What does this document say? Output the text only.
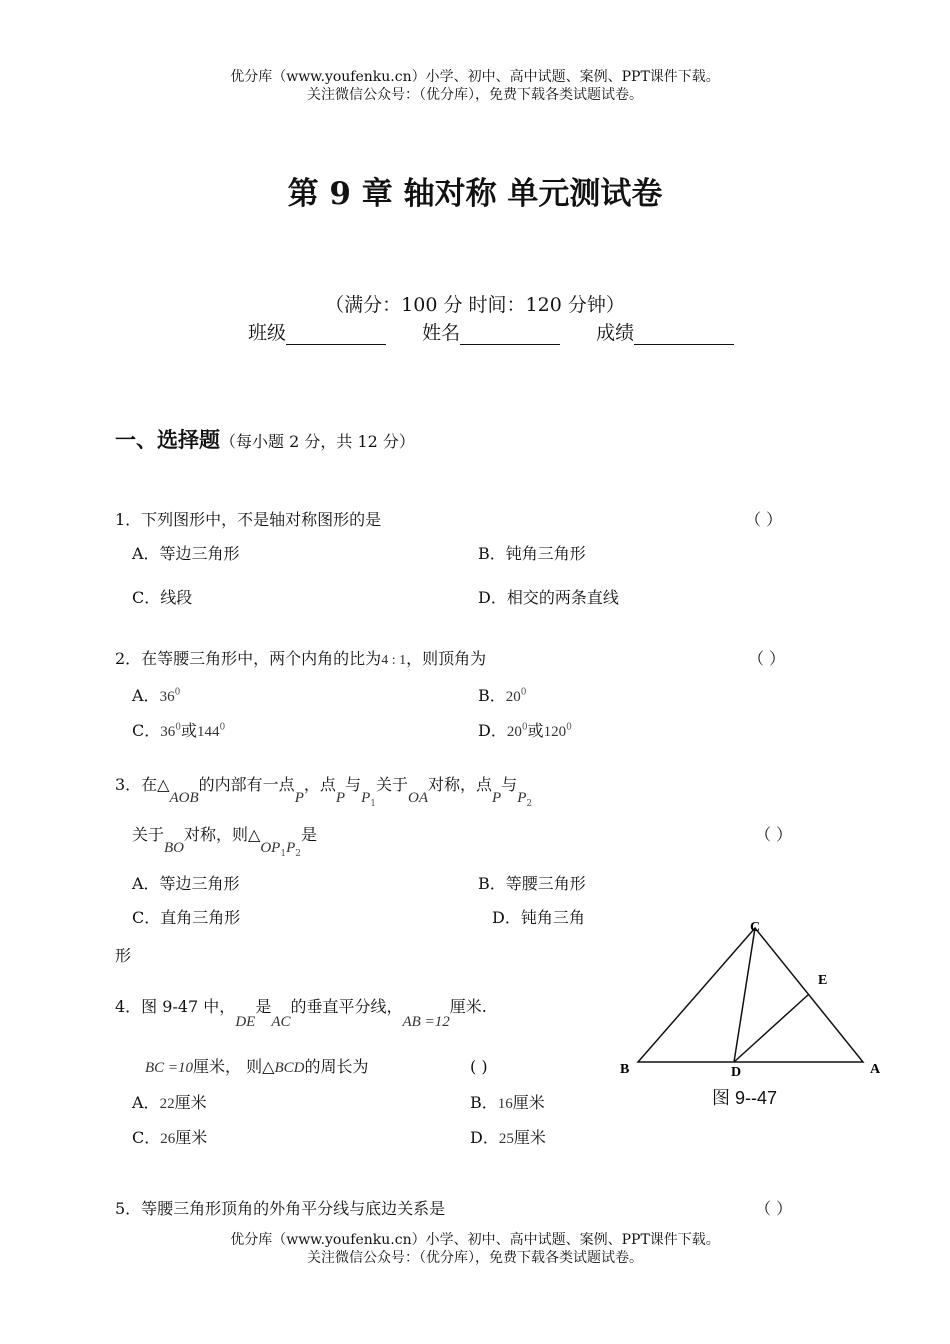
优分库（www.youfenku.cn）小学、初中、高中试题、案例、PPT课件下载。
关注微信公众号：（优分库），免费下载各类试题试卷。
第 9 章 轴对称 单元测试卷
（满分：100 分 时间：120 分钟）
班级	姓名	成绩
一、选择题（每小题 2 分，共 12 分）
1．下列图形中，不是轴对称图形的是	（ ）
A．等边三角形	B．钝角三角形
C．线段	D．相交的两条直线
2．在等腰三角形中，两个内角的比为4 : 1，则顶角为	（ ）
A．$36^0$	B．$20^0$
C．$36^0$或$144^0$	D．$20^0$或$120^0$
3．在△AOB的内部有一点P，点P与$P_1$关于OA对称，点P与$P_2$
关于BO对称，则$\triangle OP_1P_2$是	（ ）
A．等边三角形	B．等腰三角形
C．直角三角形	D．钝角三角
形
4．图 9-47 中，DE是AC的垂直平分线，AB =12厘米.
BC =10厘米， 则△BCD的周长为	( )
A．22厘米	B．16厘米
C．26厘米	D．25厘米
C
E
B	D	A
图 9--47
5．等腰三角形顶角的外角平分线与底边关系是	（ ）
优分库（www.youfenku.cn）小学、初中、高中试题、案例、PPT课件下载。
关注微信公众号：（优分库），免费下载各类试题试卷。
